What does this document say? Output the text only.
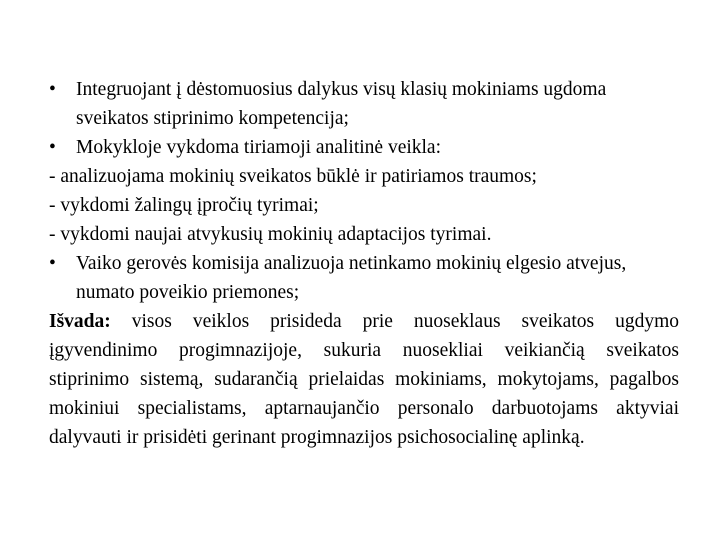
• Integruojant į dėstomuosius dalykus visų klasių mokiniams ugdoma sveikatos stiprinimo kompetencija;
• Mokykloje vykdoma tiriamoji analitinė veikla:
- analizuojama mokinių sveikatos būklė ir patiriamos traumos;
- vykdomi žalingų įpročių tyrimai;
- vykdomi naujai atvykusių mokinių adaptacijos tyrimai.
• Vaiko gerovės komisija analizuoja netinkamo mokinių elgesio atvejus, numato poveikio priemones;
Išvada: visos veiklos prisideda prie nuoseklaus sveikatos ugdymo įgyvendinimo progimnazijoje, sukuria nuosekliai veikiančią sveikatos stiprinimo sistemą, sudarančią prielaidas mokiniams, mokytojams, pagalbos mokiniui specialistams, aptarnaujančio personalo darbuotojams aktyviai dalyvauti ir prisidėti gerinant progimnazijos psichosocialinę aplinką.
